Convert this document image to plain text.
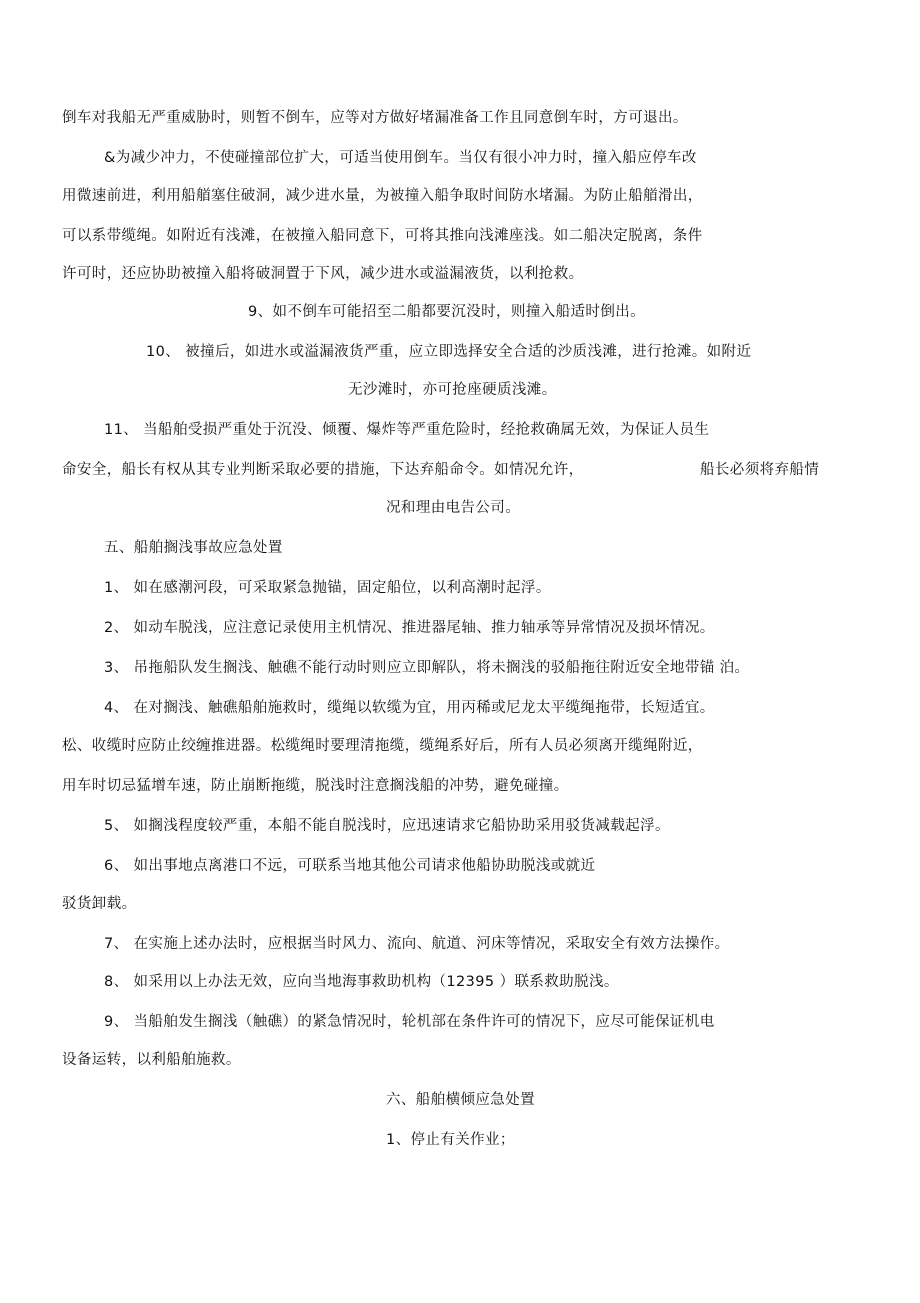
倒车对我船无严重威胁时，则暂不倒车，应等对方做好堵漏准备工作且同意倒车时，方可退出。
&为减少冲力，不使碰撞部位扩大，可适当使用倒车。当仅有很小冲力时，撞入船应停车改
用微速前进，利用船艏塞住破洞，减少进水量，为被撞入船争取时间防水堵漏。为防止船艏滑出，
可以系带缆绳。如附近有浅滩，在被撞入船同意下，可将其推向浅滩座浅。如二船决定脱离，条件
许可时，还应协助被撞入船将破洞置于下风，减少进水或溢漏液货，以利抢救。
9、如不倒车可能招至二船都要沉没时，则撞入船适时倒出。
10、 被撞后，如进水或溢漏液货严重，应立即选择安全合适的沙质浅滩，进行抢滩。如附近
无沙滩时，亦可抢座硬质浅滩。
11、 当船舶受损严重处于沉没、倾覆、爆炸等严重危险时，经抢救确属无效，为保证人员生
命安全，船长有权从其专业判断采取必要的措施，下达弃船命令。如情况允许，	船长必须将弃船情
况和理由电告公司。
五、船舶搁浅事故应急处置
1、 如在感潮河段，可采取紧急抛锚，固定船位，以利高潮时起浮。
2、 如动车脱浅，应注意记录使用主机情况、推进器尾轴、推力轴承等异常情况及损坏情况。
3、 吊拖船队发生搁浅、触礁不能行动时则应立即解队，将未搁浅的驳船拖往附近安全地带锚 泊。
4、 在对搁浅、触礁船舶施救时，缆绳以软缆为宜，用丙稀或尼龙太平缆绳拖带，长短适宜。
松、收缆时应防止绞缠推进器。松缆绳时要理清拖缆，缆绳系好后，所有人员必须离开缆绳附近，
用车时切忌猛增车速，防止崩断拖缆，脱浅时注意搁浅船的冲势，避免碰撞。
5、 如搁浅程度较严重，本船不能自脱浅时，应迅速请求它船协助采用驳货减载起浮。
6、 如出事地点离港口不远，可联系当地其他公司请求他船协助脱浅或就近
驳货卸载。
7、 在实施上述办法时，应根据当时风力、流向、航道、河床等情况，采取安全有效方法操作。
8、 如采用以上办法无效，应向当地海事救助机构（12395 ）联系救助脱浅。
9、 当船舶发生搁浅（触礁）的紧急情况时，轮机部在条件许可的情况下，应尽可能保证机电
设备运转，以利船舶施救。
六、船舶横倾应急处置
1、停止有关作业；
